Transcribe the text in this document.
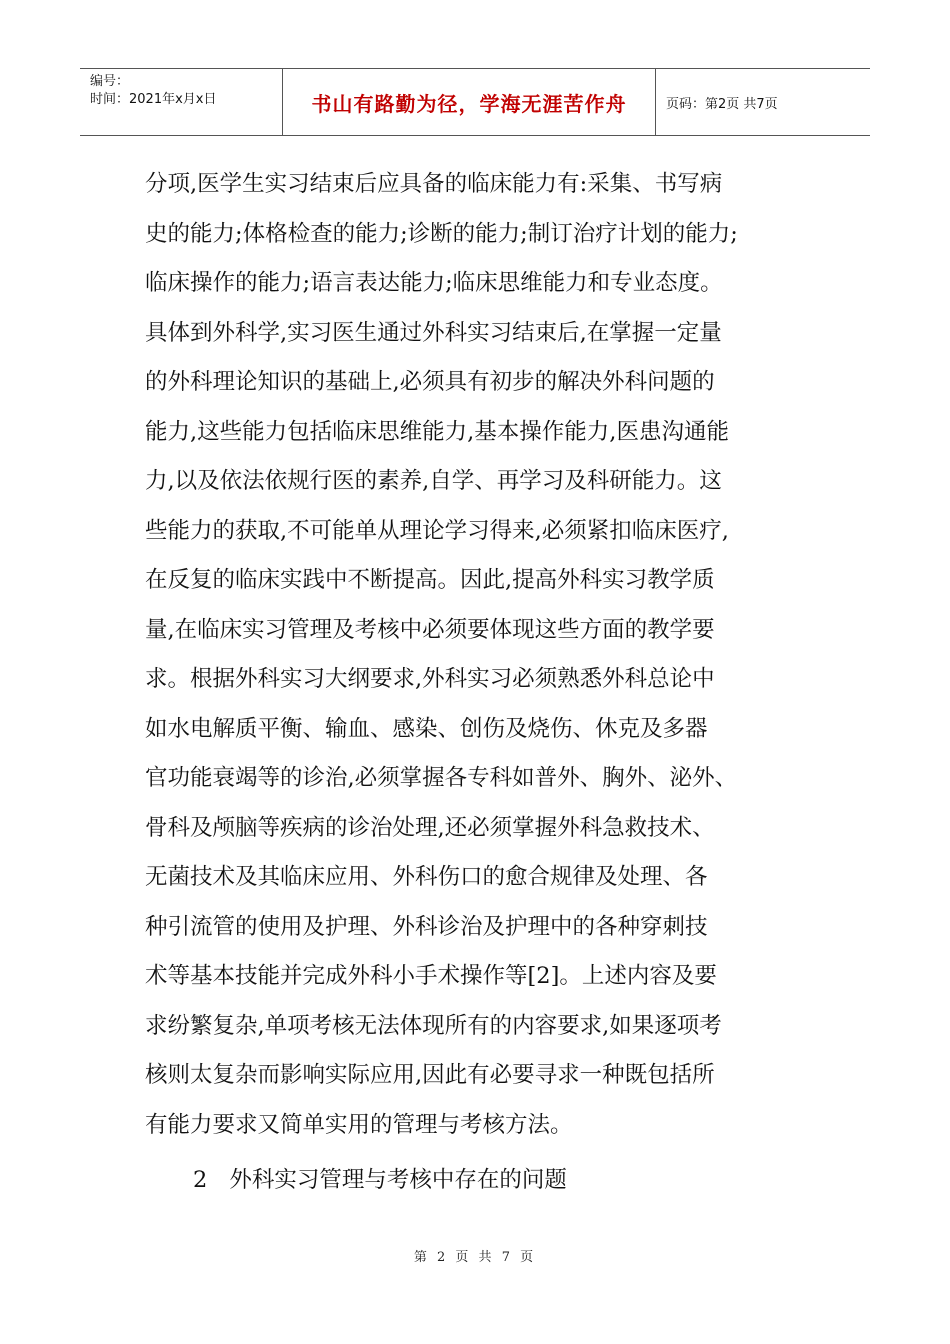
编号：
时间：2021年x月x日	书山有路勤为径，学海无涯苦作舟	页码：第2页 共7页
分项,医学生实习结束后应具备的临床能力有:采集、书写病
史的能力;体格检查的能力;诊断的能力;制订治疗计划的能力;
临床操作的能力;语言表达能力;临床思维能力和专业态度。
具体到外科学,实习医生通过外科实习结束后,在掌握一定量
的外科理论知识的基础上,必须具有初步的解决外科问题的
能力,这些能力包括临床思维能力,基本操作能力,医患沟通能
力,以及依法依规行医的素养,自学、再学习及科研能力。这
些能力的获取,不可能单从理论学习得来,必须紧扣临床医疗,
在反复的临床实践中不断提高。因此,提高外科实习教学质
量,在临床实习管理及考核中必须要体现这些方面的教学要
求。根据外科实习大纲要求,外科实习必须熟悉外科总论中
如水电解质平衡、输血、感染、创伤及烧伤、休克及多器
官功能衰竭等的诊治,必须掌握各专科如普外、胸外、泌外、
骨科及颅脑等疾病的诊治处理,还必须掌握外科急救技术、
无菌技术及其临床应用、外科伤口的愈合规律及处理、各
种引流管的使用及护理、外科诊治及护理中的各种穿刺技
术等基本技能并完成外科小手术操作等[2]。上述内容及要
求纷繁复杂,单项考核无法体现所有的内容要求,如果逐项考
核则太复杂而影响实际应用,因此有必要寻求一种既包括所
有能力要求又简单实用的管理与考核方法。
2 外科实习管理与考核中存在的问题
第 2 页 共 7 页
